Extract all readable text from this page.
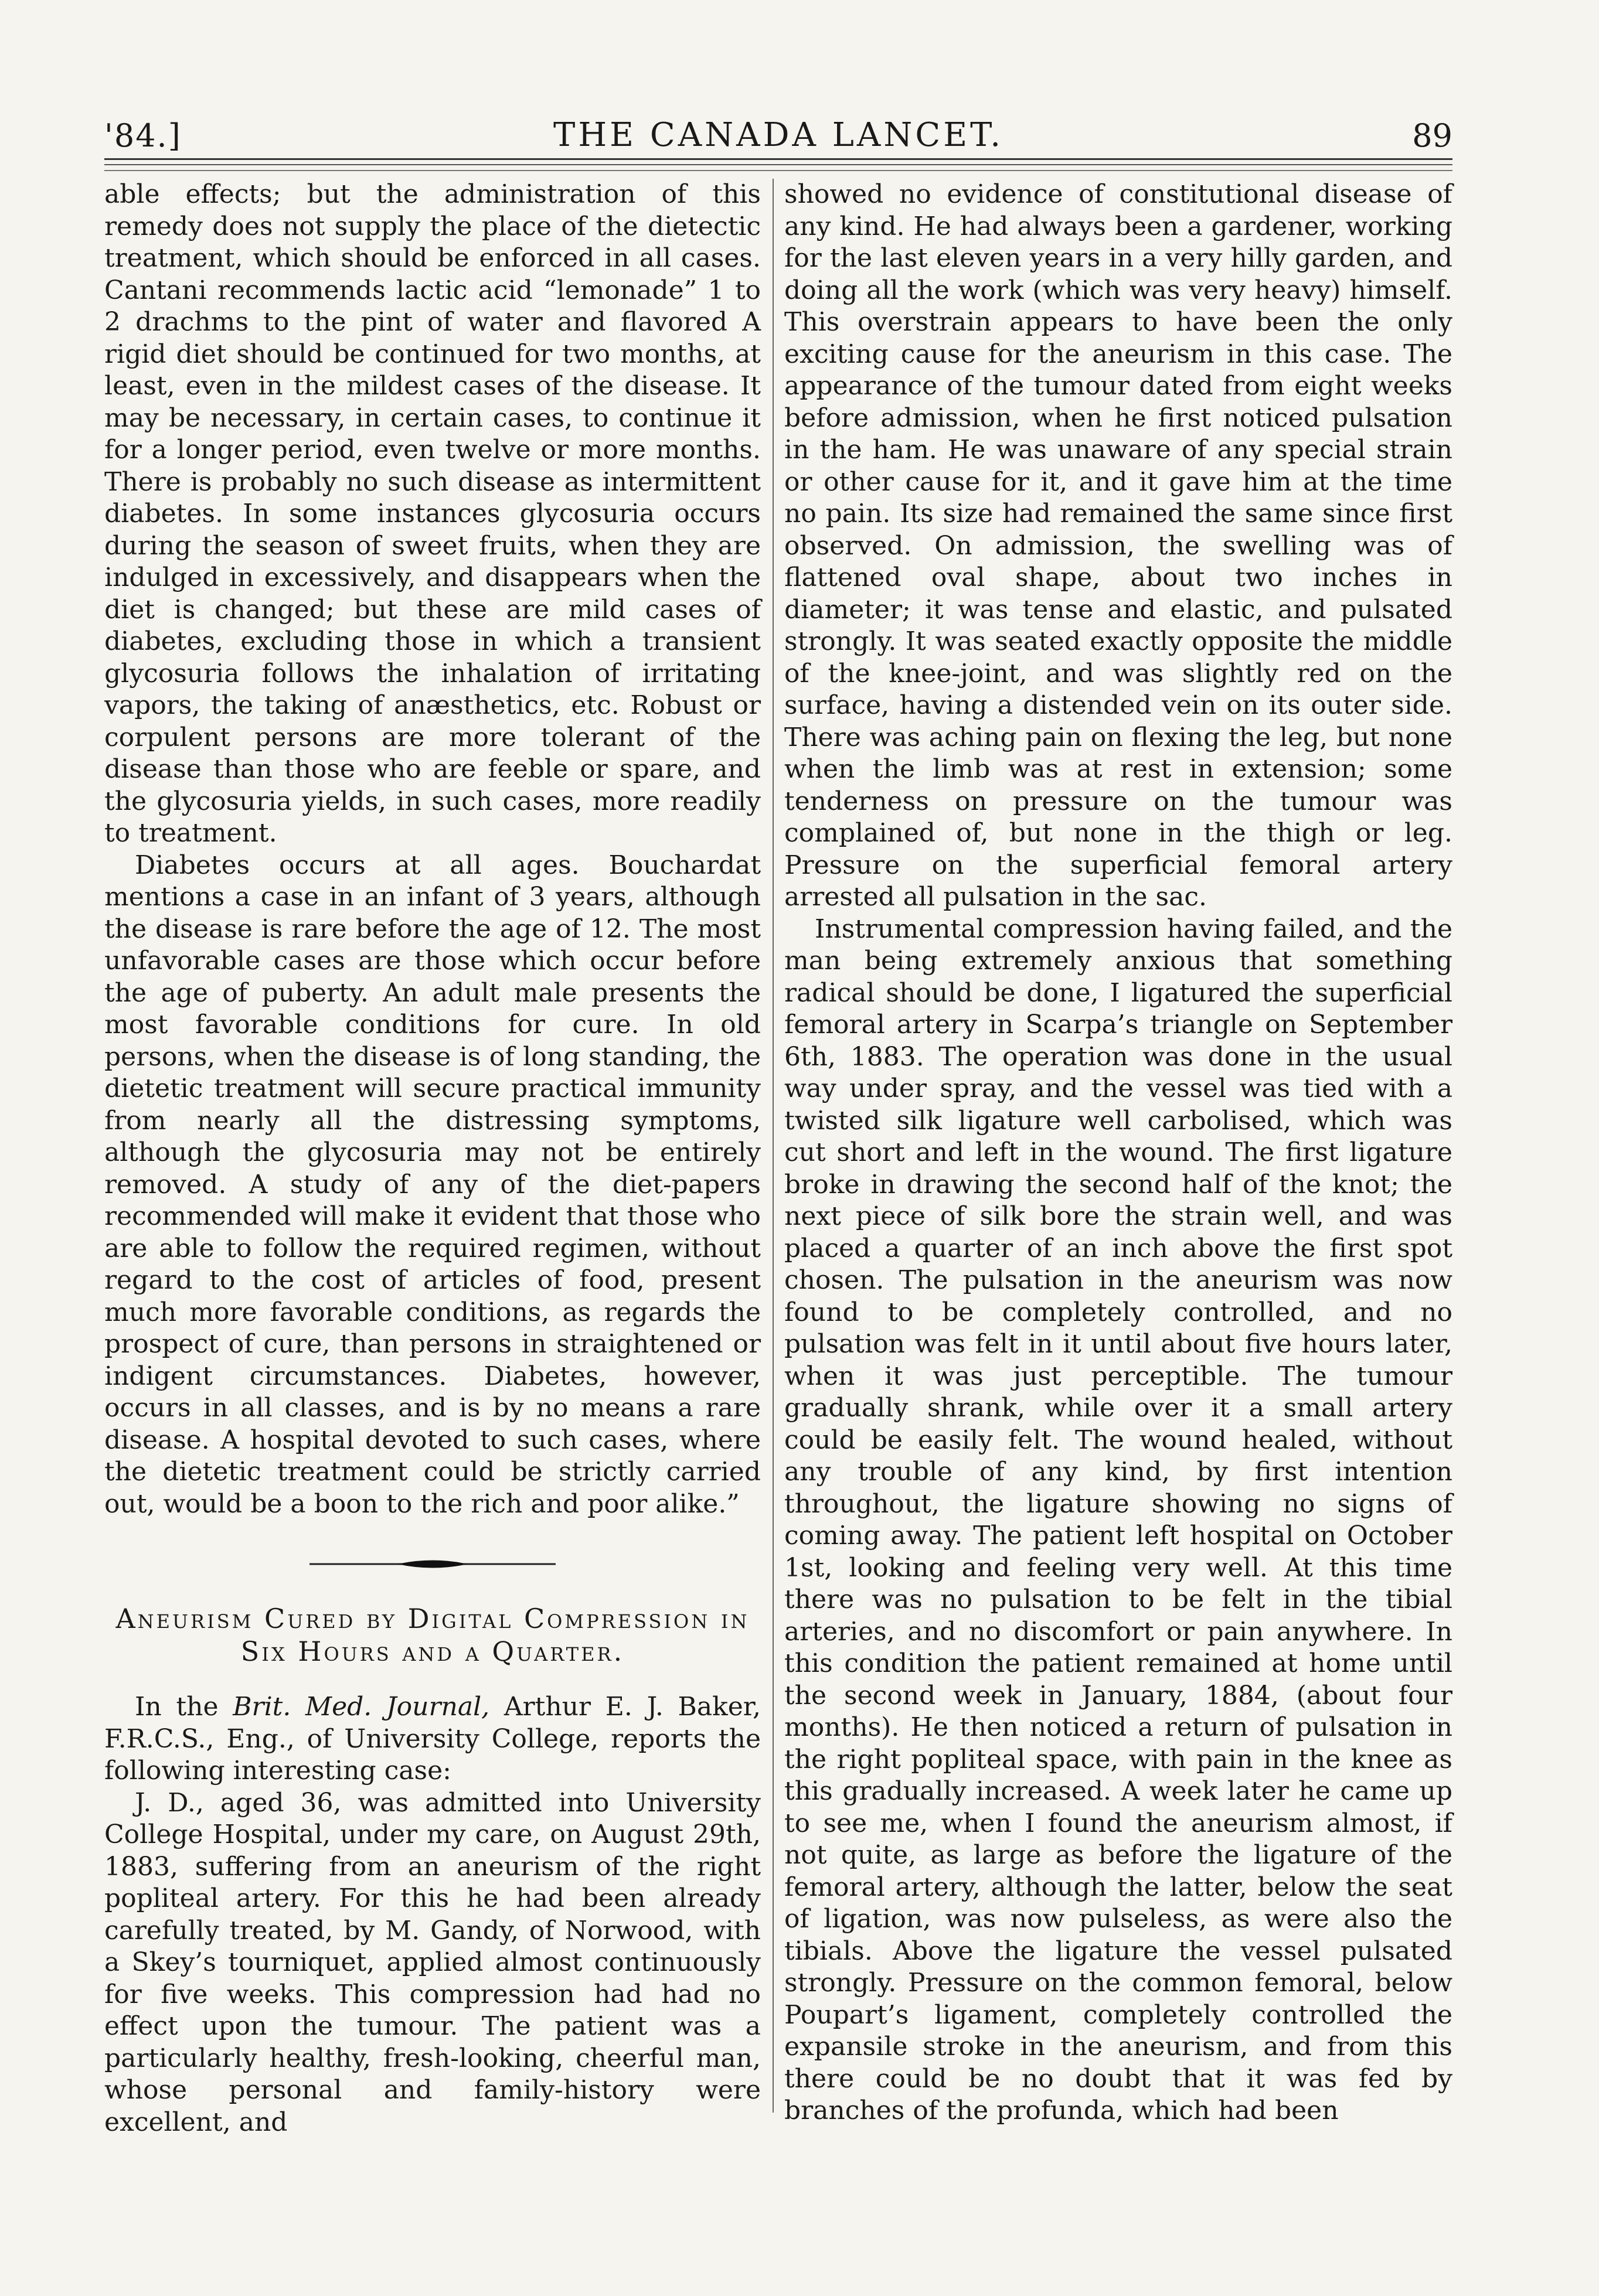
'84.]	THE CANADA LANCET.	89

able effects; but the administration of this remedy does not supply the place of the dietectic treatment, which should be enforced in all cases. Cantani recommends lactic acid “lemonade” 1 to 2 drachms to the pint of water and flavored A rigid diet should be continued for two months, at least, even in the mildest cases of the disease. It may be necessary, in certain cases, to continue it for a longer period, even twelve or more months. There is probably no such disease as intermittent diabetes. In some instances glycosuria occurs during the season of sweet fruits, when they are indulged in excessively, and disappears when the diet is changed; but these are mild cases of diabetes, excluding those in which a transient glycosuria follows the inhalation of irritating vapors, the taking of anæsthetics, etc. Robust or corpulent persons are more tolerant of the disease than those who are feeble or spare, and the glycosuria yields, in such cases, more readily to treatment.

Diabetes occurs at all ages. Bouchardat mentions a case in an infant of 3 years, although the disease is rare before the age of 12. The most unfavorable cases are those which occur before the age of puberty. An adult male presents the most favorable conditions for cure. In old persons, when the disease is of long standing, the dietetic treatment will secure practical immunity from nearly all the distressing symptoms, although the glycosuria may not be entirely removed. A study of any of the diet-papers recommended will make it evident that those who are able to follow the required regimen, without regard to the cost of articles of food, present much more favorable conditions, as regards the prospect of cure, than persons in straightened or indigent circumstances. Diabetes, however, occurs in all classes, and is by no means a rare disease. A hospital devoted to such cases, where the dietetic treatment could be strictly carried out, would be a boon to the rich and poor alike.”

Aneurism Cured by Digital Compression in Six Hours and a Quarter.

In the Brit. Med. Journal, Arthur E. J. Baker, F.R.C.S., Eng., of University College, reports the following interesting case:

J. D., aged 36, was admitted into University College Hospital, under my care, on August 29th, 1883, suffering from an aneurism of the right popliteal artery. For this he had been already carefully treated, by M. Gandy, of Norwood, with a Skey’s tourniquet, applied almost continuously for five weeks. This compression had had no effect upon the tumour. The patient was a particularly healthy, fresh-looking, cheerful man, whose personal and family-history were excellent, and

showed no evidence of constitutional disease of any kind. He had always been a gardener, working for the last eleven years in a very hilly garden, and doing all the work (which was very heavy) himself. This overstrain appears to have been the only exciting cause for the aneurism in this case. The appearance of the tumour dated from eight weeks before admission, when he first noticed pulsation in the ham. He was unaware of any special strain or other cause for it, and it gave him at the time no pain. Its size had remained the same since first observed. On admission, the swelling was of flattened oval shape, about two inches in diameter; it was tense and elastic, and pulsated strongly. It was seated exactly opposite the middle of the knee-joint, and was slightly red on the surface, having a distended vein on its outer side. There was aching pain on flexing the leg, but none when the limb was at rest in extension; some tenderness on pressure on the tumour was complained of, but none in the thigh or leg. Pressure on the superficial femoral artery arrested all pulsation in the sac.

Instrumental compression having failed, and the man being extremely anxious that something radical should be done, I ligatured the superficial femoral artery in Scarpa’s triangle on September 6th, 1883. The operation was done in the usual way under spray, and the vessel was tied with a twisted silk ligature well carbolised, which was cut short and left in the wound. The first ligature broke in drawing the second half of the knot; the next piece of silk bore the strain well, and was placed a quarter of an inch above the first spot chosen. The pulsation in the aneurism was now found to be completely controlled, and no pulsation was felt in it until about five hours later, when it was just perceptible. The tumour gradually shrank, while over it a small artery could be easily felt. The wound healed, without any trouble of any kind, by first intention throughout, the ligature showing no signs of coming away. The patient left hospital on October 1st, looking and feeling very well. At this time there was no pulsation to be felt in the tibial arteries, and no discomfort or pain anywhere. In this condition the patient remained at home until the second week in January, 1884, (about four months). He then noticed a return of pulsation in the right popliteal space, with pain in the knee as this gradually increased. A week later he came up to see me, when I found the aneurism almost, if not quite, as large as before the ligature of the femoral artery, although the latter, below the seat of ligation, was now pulseless, as were also the tibials. Above the ligature the vessel pulsated strongly. Pressure on the common femoral, below Poupart’s ligament, completely controlled the expansile stroke in the aneurism, and from this there could be no doubt that it was fed by branches of the profunda, which had been
